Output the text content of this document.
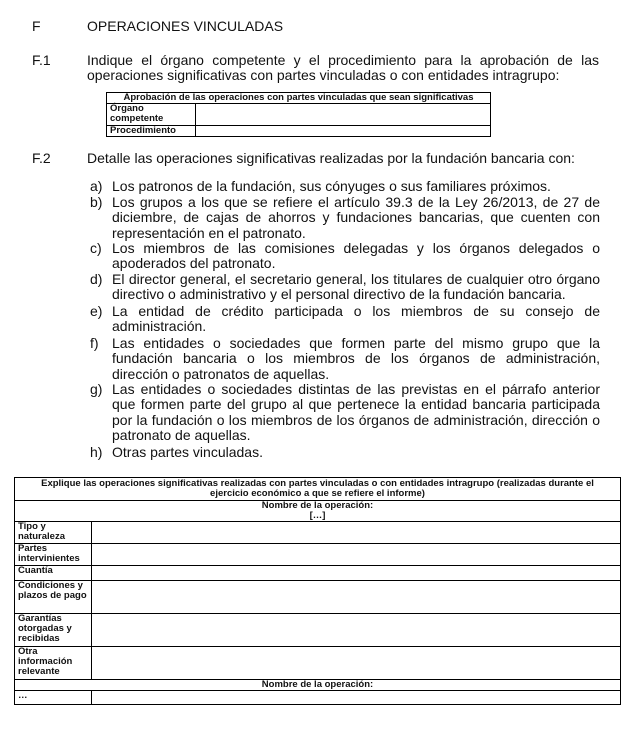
F	OPERACIONES VINCULADAS
F.1	Indique el órgano competente y el procedimiento para la aprobación de las operaciones significativas con partes vinculadas o con entidades intragrupo:
Aprobación de las operaciones con partes vinculadas que sean significativas	
Órgano competente	
Procedimiento	
F.2	Detalle las operaciones significativas realizadas por la fundación bancaria con:
a) Los patronos de la fundación, sus cónyuges o sus familiares próximos.
b) Los grupos a los que se refiere el artículo 39.3 de la Ley 26/2013, de 27 de diciembre, de cajas de ahorros y fundaciones bancarias, que cuenten con representación en el patronato.
c) Los miembros de las comisiones delegadas y los órganos delegados o apoderados del patronato.
d) El director general, el secretario general, los titulares de cualquier otro órgano directivo o administrativo y el personal directivo de la fundación bancaria.
e) La entidad de crédito participada o los miembros de su consejo de administración.
f) Las entidades o sociedades que formen parte del mismo grupo que la fundación bancaria o los miembros de los órganos de administración, dirección o patronatos de aquellas.
g) Las entidades o sociedades distintas de las previstas en el párrafo anterior que formen parte del grupo al que pertenece la entidad bancaria participada por la fundación o los miembros de los órganos de administración, dirección o patronato de aquellas.
h) Otras partes vinculadas.
Explique las operaciones significativas realizadas con partes vinculadas o con entidades intragrupo (realizadas durante el ejercicio económico a que se refiere el informe)	

Nombre de la operación:
[…]	

Tipo y naturaleza	
Partes intervinientes	
Cuantía	
Condiciones y plazos de pago	
Garantías otorgadas y recibidas	
Otra información relevante	
Nombre de la operación:	
…	
